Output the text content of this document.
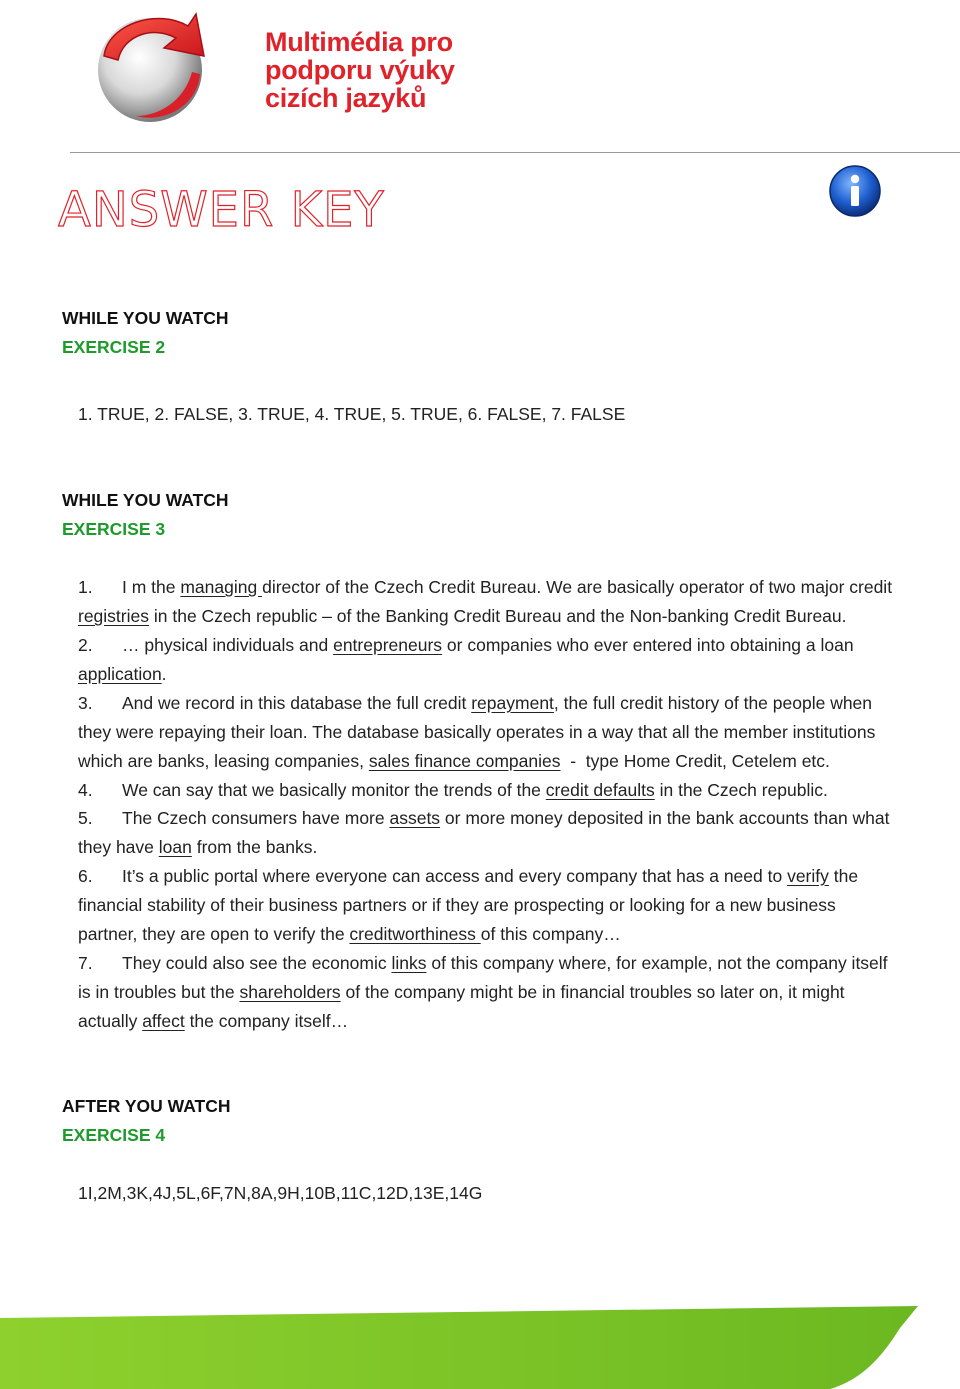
Multimédia pro
podporu výuky
cizích jazyků
ANSWER KEY
WHILE YOU WATCH
EXERCISE 2
1. TRUE, 2. FALSE, 3. TRUE, 4. TRUE, 5. TRUE, 6. FALSE, 7. FALSE
WHILE YOU WATCH
EXERCISE 3
1. I m the managing director of the Czech Credit Bureau. We are basically operator of two major credit
registries in the Czech republic – of the Banking Credit Bureau and the Non-banking Credit Bureau.
2. … physical individuals and entrepreneurs or companies who ever entered into obtaining a loan
application.
3. And we record in this database the full credit repayment, the full credit history of the people when
they were repaying their loan. The database basically operates in a way that all the member institutions
which are banks, leasing companies, sales finance companies  -  type Home Credit, Cetelem etc.
4. We can say that we basically monitor the trends of the credit defaults in the Czech republic.
5. The Czech consumers have more assets or more money deposited in the bank accounts than what
they have loan from the banks.
6. It’s a public portal where everyone can access and every company that has a need to verify the
financial stability of their business partners or if they are prospecting or looking for a new business
partner, they are open to verify the creditworthiness of this company…
7. They could also see the economic links of this company where, for example, not the company itself
is in troubles but the shareholders of the company might be in financial troubles so later on, it might
actually affect the company itself…
AFTER YOU WATCH
EXERCISE 4
1I,2M,3K,4J,5L,6F,7N,8A,9H,10B,11C,12D,13E,14G
